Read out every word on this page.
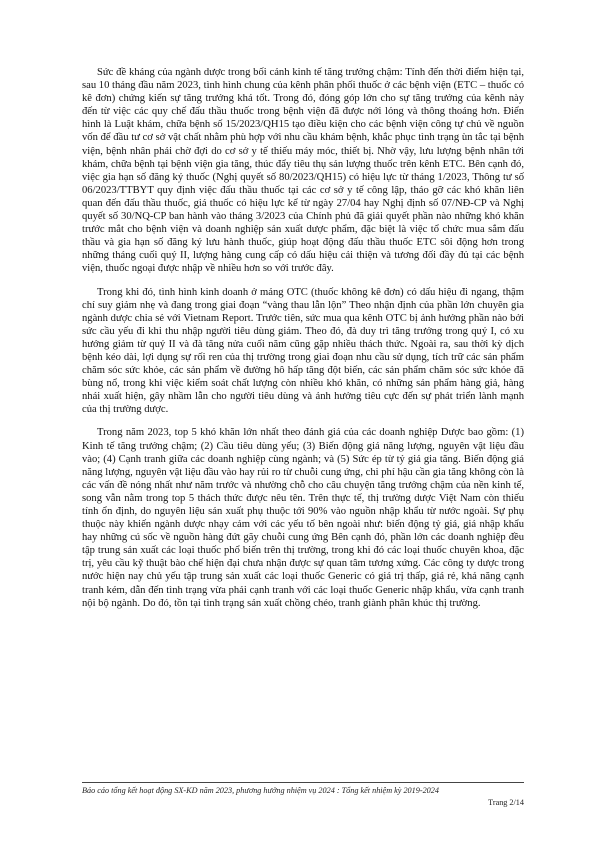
Sức đề kháng của ngành dược trong bối cảnh kinh tế tăng trưởng chậm: Tính đến thời điểm hiện tại, sau 10 tháng đầu năm 2023, tình hình chung của kênh phân phối thuốc ở các bệnh viện (ETC – thuốc có kê đơn) chứng kiến sự tăng trưởng khá tốt. Trong đó, đóng góp lớn cho sự tăng trưởng của kênh này đến từ việc các quy chế đấu thầu thuốc trong bệnh viện đã được nới lỏng và thông thoáng hơn. Điển hình là Luật khám, chữa bệnh số 15/2023/QH15 tạo điều kiện cho các bệnh viện công tự chủ về nguồn vốn để đầu tư cơ sở vật chất nhằm phù hợp với nhu cầu khám bệnh, khắc phục tình trạng ùn tắc tại bệnh viện, bệnh nhân phải chờ đợi do cơ sở y tế thiếu máy móc, thiết bị. Nhờ vậy, lưu lượng bệnh nhân tới khám, chữa bệnh tại bệnh viện gia tăng, thúc đẩy tiêu thụ sản lượng thuốc trên kênh ETC. Bên cạnh đó, việc gia hạn số đăng ký thuốc (Nghị quyết số 80/2023/QH15) có hiệu lực từ tháng 1/2023, Thông tư số 06/2023/TTBYT quy định việc đấu thầu thuốc tại các cơ sở y tế công lập, tháo gỡ các khó khăn liên quan đến đấu thầu thuốc, giá thuốc có hiệu lực kể từ ngày 27/04 hay Nghị định số 07/NĐ-CP và Nghị quyết số 30/NQ-CP ban hành vào tháng 3/2023 của Chính phủ đã giải quyết phần nào những khó khăn trước mắt cho bệnh viện và doanh nghiệp sản xuất dược phẩm, đặc biệt là việc tổ chức mua sắm đấu thầu và gia hạn số đăng ký lưu hành thuốc, giúp hoạt động đấu thầu thuốc ETC sôi động hơn trong những tháng cuối quý II, lượng hàng cung cấp có dấu hiệu cải thiện và tương đối đầy đủ tại các bệnh viện, thuốc ngoại được nhập về nhiều hơn so với trước đây.

Trong khi đó, tình hình kinh doanh ở mảng OTC (thuốc không kê đơn) có dấu hiệu đi ngang, thậm chí suy giảm nhẹ và đang trong giai đoạn “vàng thau lẫn lộn” Theo nhận định của phần lớn chuyên gia ngành dược chia sẻ với Vietnam Report. Trước tiên, sức mua qua kênh OTC bị ảnh hưởng phần nào bởi sức cầu yếu đi khi thu nhập người tiêu dùng giảm. Theo đó, đà duy trì tăng trưởng trong quý I, có xu hướng giảm từ quý II và đà tăng nửa cuối năm cũng gặp nhiều thách thức. Ngoài ra, sau thời kỳ dịch bệnh kéo dài, lợi dụng sự rối ren của thị trường trong giai đoạn nhu cầu sử dụng, tích trữ các sản phẩm chăm sóc sức khỏe, các sản phẩm về đường hô hấp tăng đột biến, các sản phẩm chăm sóc sức khỏe đã bùng nổ, trong khi việc kiểm soát chất lượng còn nhiều khó khăn, có những sản phẩm hàng giả, hàng nhái xuất hiện, gây nhầm lẫn cho người tiêu dùng và ảnh hưởng tiêu cực đến sự phát triển lành mạnh của thị trường dược.

Trong năm 2023, top 5 khó khăn lớn nhất theo đánh giá của các doanh nghiệp Dược bao gồm: (1) Kinh tế tăng trưởng chậm; (2) Cầu tiêu dùng yếu; (3) Biến động giá năng lượng, nguyên vật liệu đầu vào; (4) Cạnh tranh giữa các doanh nghiệp cùng ngành; và (5) Sức ép từ tỷ giá gia tăng. Biến động giá năng lượng, nguyên vật liệu đầu vào hay rủi ro từ chuỗi cung ứng, chi phí hậu cần gia tăng không còn là các vấn đề nóng nhất như năm trước và nhường chỗ cho câu chuyện tăng trưởng chậm của nền kinh tế, song vẫn nằm trong top 5 thách thức được nêu tên. Trên thực tế, thị trường dược Việt Nam còn thiếu tính ổn định, do nguyên liệu sản xuất phụ thuộc tới 90% vào nguồn nhập khẩu từ nước ngoài. Sự phụ thuộc này khiến ngành dược nhạy cảm với các yếu tố bên ngoài như: biến động tỷ giá, giá nhập khẩu hay những cú sốc về nguồn hàng đứt gãy chuỗi cung ứng Bên cạnh đó, phần lớn các doanh nghiệp đều tập trung sản xuất các loại thuốc phổ biến trên thị trường, trong khi đó các loại thuốc chuyên khoa, đặc trị, yêu cầu kỹ thuật bào chế hiện đại chưa nhận được sự quan tâm tương xứng. Các công ty dược trong nước hiện nay chủ yếu tập trung sản xuất các loại thuốc Generic có giá trị thấp, giá rẻ, khả năng cạnh tranh kém, dẫn đến tình trạng vừa phải cạnh tranh với các loại thuốc Generic nhập khẩu, vừa cạnh tranh nội bộ ngành. Do đó, tồn tại tình trạng sản xuất chồng chéo, tranh giành phân khúc thị trường.

Báo cáo tổng kết hoạt động SX-KD năm 2023, phương hướng nhiệm vụ 2024 : Tổng kết nhiệm kỳ 2019-2024
Trang 2/14
